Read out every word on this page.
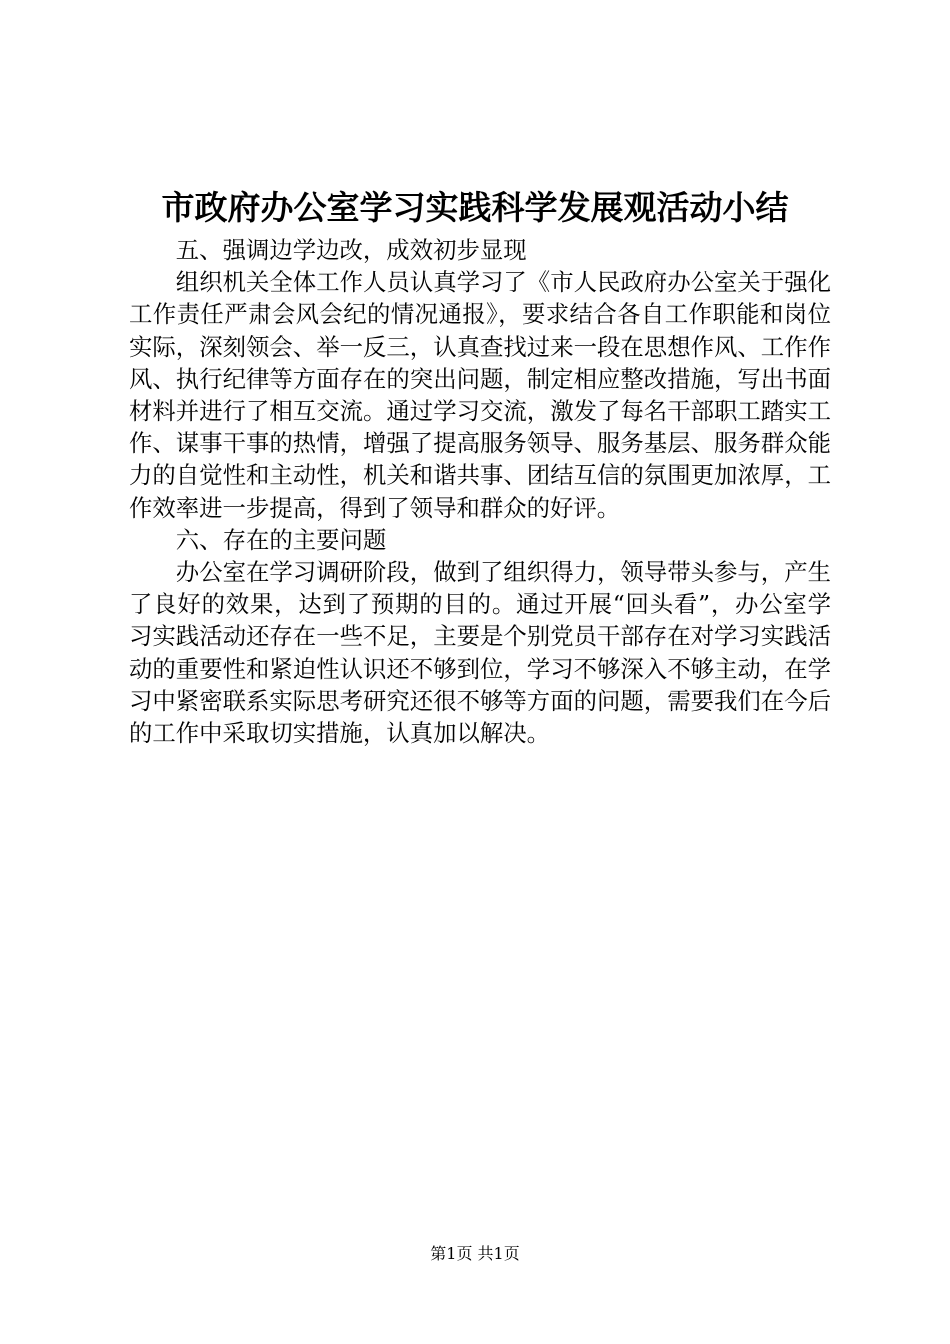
市政府办公室学习实践科学发展观活动小结

五、强调边学边改，成效初步显现

组织机关全体工作人员认真学习了《市人民政府办公室关于强化工作责任严肃会风会纪的情况通报》，要求结合各自工作职能和岗位实际，深刻领会、举一反三，认真查找过来一段在思想作风、工作作风、执行纪律等方面存在的突出问题，制定相应整改措施，写出书面材料并进行了相互交流。通过学习交流，激发了每名干部职工踏实工作、谋事干事的热情，增强了提高服务领导、服务基层、服务群众能力的自觉性和主动性，机关和谐共事、团结互信的氛围更加浓厚，工作效率进一步提高，得到了领导和群众的好评。

六、存在的主要问题

办公室在学习调研阶段，做到了组织得力，领导带头参与，产生了良好的效果，达到了预期的目的。通过开展“回头看”，办公室学习实践活动还存在一些不足，主要是个别党员干部存在对学习实践活动的重要性和紧迫性认识还不够到位，学习不够深入不够主动，在学习中紧密联系实际思考研究还很不够等方面的问题，需要我们在今后的工作中采取切实措施，认真加以解决。

第1页 共1页
